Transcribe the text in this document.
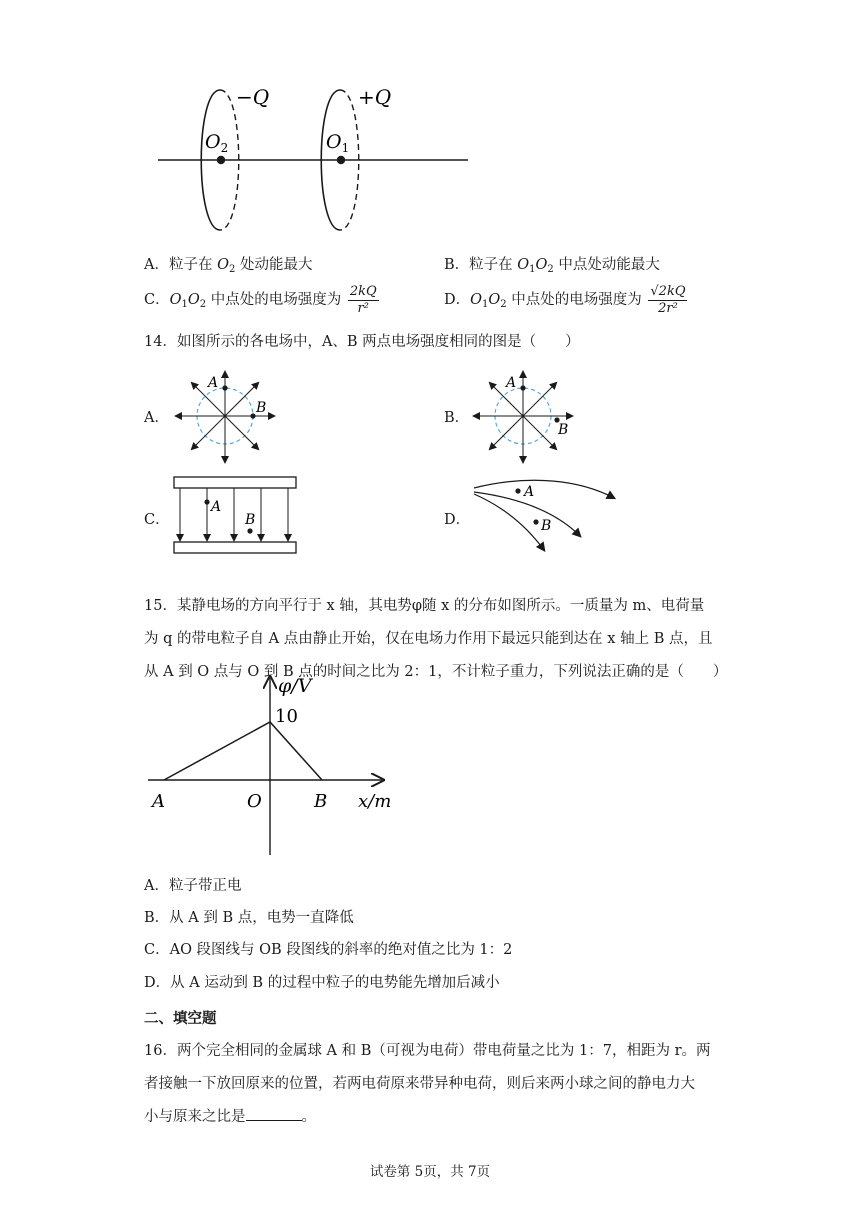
−Q	+Q
$O_2$	$O_1$
A．粒子在 $O_2$ 处动能最大	B．粒子在 $O_1O_2$ 中点处动能最大
C．$O_1O_2$ 中点处的电场强度为 $\frac{2kQ}{\text{r²}}$	D．$O_1O_2$ 中点处的电场强度为 $\frac{√2kQ}{\text{2r²}}$
14．如图所示的各电场中，A、B 两点电场强度相同的图是（　　）
A．
A
B
B．
A
B
C．
A
B	D．
A
B
15．某静电场的方向平行于 x 轴，其电势φ随 x 的分布如图所示。一质量为 m、电荷量
为 q 的带电粒子自 A 点由静止开始，仅在电场力作用下最远只能到达在 x 轴上 B 点，且
从 A 到 O 点与 O 到 B 点的时间之比为 2：1，不计粒子重力，下列说法正确的是（　　）
φ/V
10
x/m
A	O	B
A．粒子带正电
B．从 A 到 B 点，电势一直降低
C．AO 段图线与 OB 段图线的斜率的绝对值之比为 1：2
D．从 A 运动到 B 的过程中粒子的电势能先增加后减小
二、填空题
16．两个完全相同的金属球 A 和 B（可视为电荷）带电荷量之比为 1：7，相距为 r。两
者接触一下放回原来的位置，若两电荷原来带异种电荷，则后来两小球之间的静电力大
小与原来之比是	。
试卷第 5页，共 7页
